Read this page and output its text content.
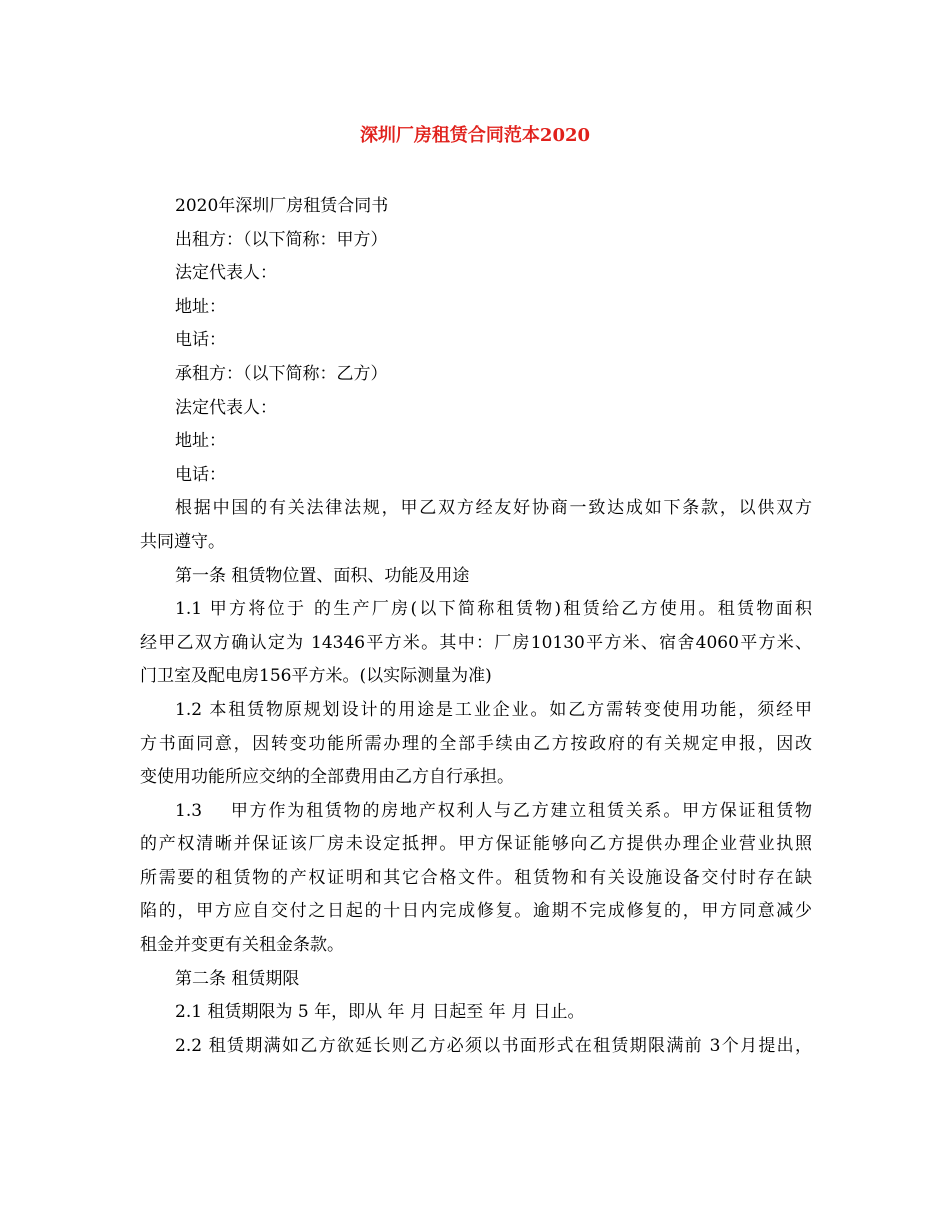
深圳厂房租赁合同范本2020

2020年深圳厂房租赁合同书

出租方：（以下简称：甲方）

法定代表人：

地址：

电话：

承租方：（以下简称：乙方）

法定代表人：

地址：

电话：

根据中国的有关法律法规，甲乙双方经友好协商一致达成如下条款，以供双方

共同遵守。

第一条 租赁物位置、面积、功能及用途

1.1 甲方将位于 的生产厂房(以下简称租赁物)租赁给乙方使用。租赁物面积

经甲乙双方确认定为 14346平方米。其中：厂房10130平方米、宿舍4060平方米、

门卫室及配电房156平方米。(以实际测量为准)

1.2 本租赁物原规划设计的用途是工业企业。如乙方需转变使用功能，须经甲

方书面同意，因转变功能所需办理的全部手续由乙方按政府的有关规定申报，因改

变使用功能所应交纳的全部费用由乙方自行承担。

1.3    甲方作为租赁物的房地产权利人与乙方建立租赁关系。甲方保证租赁物

的产权清晰并保证该厂房未设定抵押。甲方保证能够向乙方提供办理企业营业执照

所需要的租赁物的产权证明和其它合格文件。租赁物和有关设施设备交付时存在缺

陷的，甲方应自交付之日起的十日内完成修复。逾期不完成修复的，甲方同意减少

租金并变更有关租金条款。

第二条 租赁期限

2.1 租赁期限为 5 年，即从 年 月 日起至 年 月 日止。

2.2 租赁期满如乙方欲延长则乙方必须以书面形式在租赁期限满前 3个月提出，
